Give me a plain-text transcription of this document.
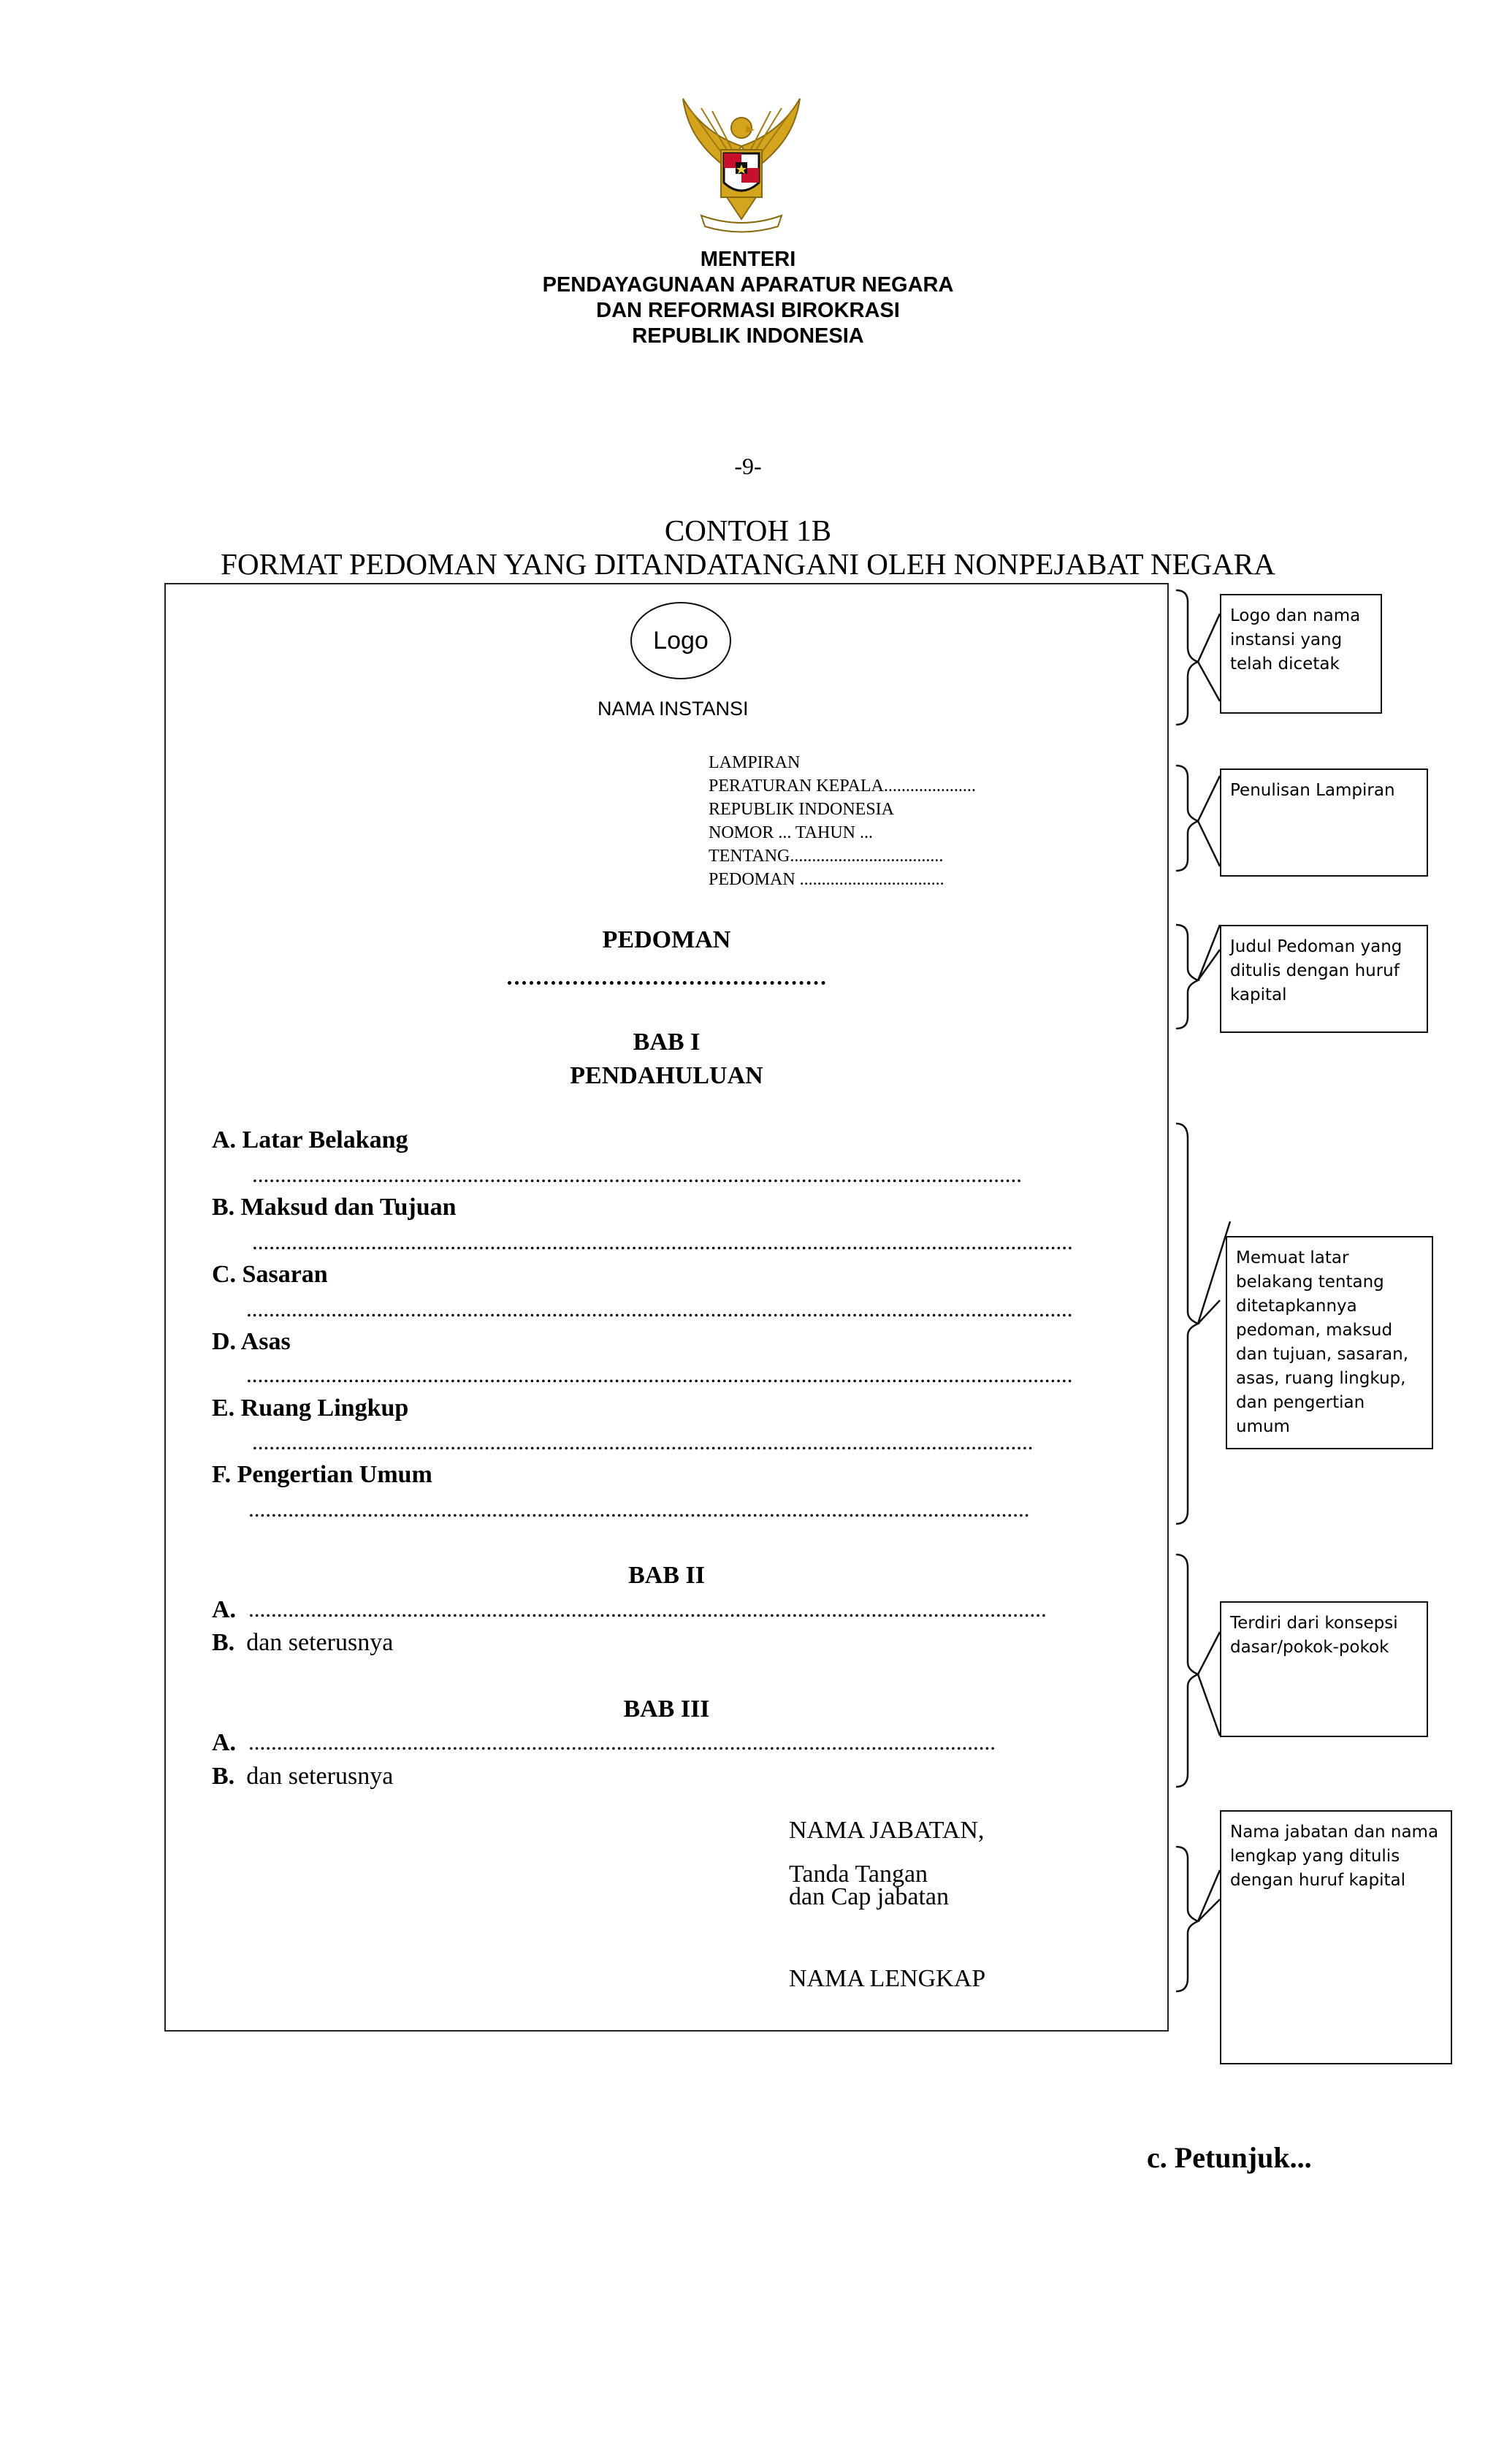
MENTERI
PENDAYAGUNAAN APARATUR NEGARA
DAN REFORMASI BIROKRASI
REPUBLIK INDONESIA
-9-
CONTOH 1B
FORMAT PEDOMAN YANG DITANDATANGANI OLEH NONPEJABAT NEGARA
Logo
NAMA INSTANSI
LAMPIRAN
PERATURAN KEPALA.....................
REPUBLIK INDONESIA
NOMOR ... TAHUN ...
TENTANG...................................
PEDOMAN .................................
PEDOMAN
BAB I
PENDAHULUAN
A. Latar Belakang
........................................................................................................................................
B. Maksud dan Tujuan
.................................................................................................................................................
C. Sasaran
..................................................................................................................................................
D. Asas
..................................................................................................................................................
E. Ruang Lingkup
..........................................................................................................................................
F. Pengertian Umum
..........................................................................................................................................
BAB II
A. .............................................................................................................................................
B. dan seterusnya
BAB III
A. ....................................................................................................................................
B. dan seterusnya
NAMA JABATAN,
Tanda Tangan
dan Cap jabatan
NAMA LENGKAP
Logo dan nama instansi yang telah dicetak
Penulisan Lampiran
Judul Pedoman yang ditulis dengan huruf kapital
Memuat latar belakang tentang ditetapkannya pedoman, maksud dan tujuan, sasaran, asas, ruang lingkup, dan pengertian umum
Terdiri dari konsepsi dasar/pokok-pokok
Nama jabatan dan nama lengkap yang ditulis dengan huruf kapital
c. Petunjuk...
